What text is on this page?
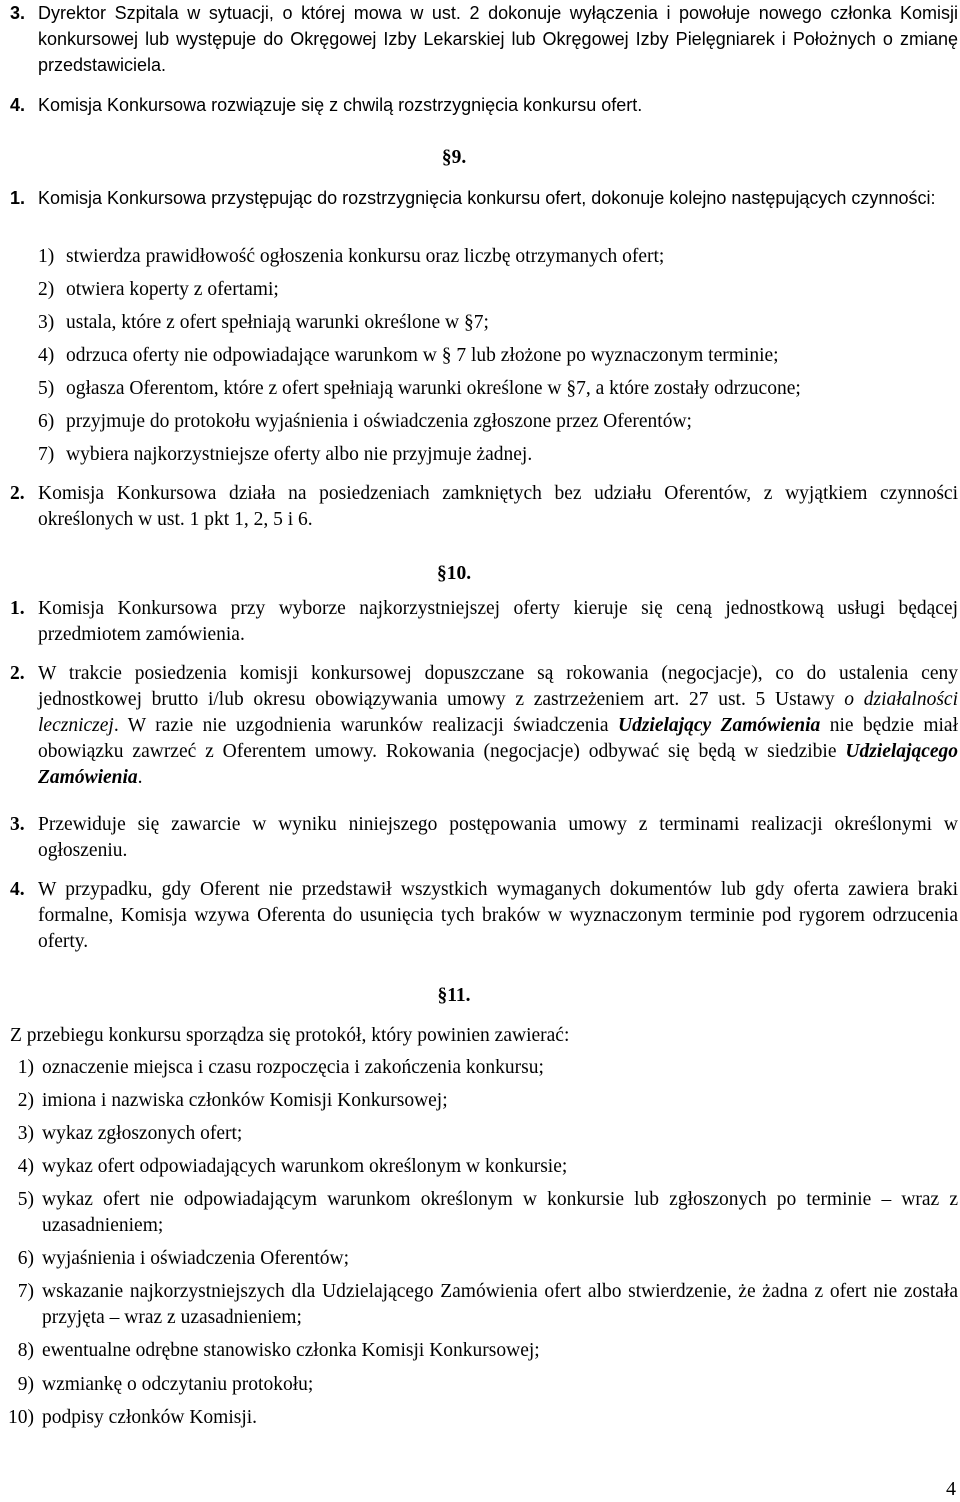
3. Dyrektor Szpitala w sytuacji, o której mowa w ust. 2 dokonuje wyłączenia i powołuje nowego członka Komisji konkursowej lub występuje do Okręgowej Izby Lekarskiej lub Okręgowej Izby Pielęgniarek i Położnych o zmianę przedstawiciela.
4. Komisja Konkursowa rozwiązuje się z chwilą rozstrzygnięcia konkursu ofert.
§9.
1. Komisja Konkursowa przystępując do rozstrzygnięcia konkursu ofert, dokonuje kolejno następujących czynności:
1) stwierdza prawidłowość ogłoszenia konkursu oraz liczbę otrzymanych ofert;
2) otwiera koperty z ofertami;
3) ustala, które z ofert spełniają warunki określone w §7;
4) odrzuca oferty nie odpowiadające warunkom w § 7 lub złożone po wyznaczonym terminie;
5) ogłasza Oferentom, które z ofert spełniają warunki określone w §7, a które zostały odrzucone;
6) przyjmuje do protokołu wyjaśnienia i oświadczenia zgłoszone przez Oferentów;
7) wybiera najkorzystniejsze oferty albo nie przyjmuje żadnej.
2. Komisja Konkursowa działa na posiedzeniach zamkniętych bez udziału Oferentów, z wyjątkiem czynności określonych w ust. 1 pkt 1, 2, 5 i 6.
§10.
1. Komisja Konkursowa przy wyborze najkorzystniejszej oferty kieruje się ceną jednostkową usługi będącej przedmiotem zamówienia.
2. W trakcie posiedzenia komisji konkursowej dopuszczane są rokowania (negocjacje), co do ustalenia ceny jednostkowej brutto i/lub okresu obowiązywania umowy z zastrzeżeniem art. 27 ust. 5 Ustawy o działalności leczniczej. W razie nie uzgodnienia warunków realizacji świadczenia Udzielający Zamówienia nie będzie miał obowiązku zawrzeć z Oferentem umowy. Rokowania (negocjacje) odbywać się będą w siedzibie Udzielającego Zamówienia.
3. Przewiduje się zawarcie w wyniku niniejszego postępowania umowy z terminami realizacji określonymi w ogłoszeniu.
4. W przypadku, gdy Oferent nie przedstawił wszystkich wymaganych dokumentów lub gdy oferta zawiera braki formalne, Komisja wzywa Oferenta do usunięcia tych braków w wyznaczonym terminie pod rygorem odrzucenia oferty.
§11.
Z przebiegu konkursu sporządza się protokół, który powinien zawierać:
1) oznaczenie miejsca i czasu rozpoczęcia i zakończenia konkursu;
2) imiona i nazwiska członków Komisji Konkursowej;
3) wykaz zgłoszonych ofert;
4) wykaz ofert odpowiadających warunkom określonym w konkursie;
5) wykaz ofert nie odpowiadającym warunkom określonym w konkursie lub zgłoszonych po terminie – wraz z uzasadnieniem;
6) wyjaśnienia i oświadczenia Oferentów;
7) wskazanie najkorzystniejszych dla Udzielającego Zamówienia ofert albo stwierdzenie, że żadna z ofert nie została przyjęta – wraz z uzasadnieniem;
8) ewentualne odrębne stanowisko członka Komisji Konkursowej;
9) wzmiankę o odczytaniu protokołu;
10) podpisy członków Komisji.
4
